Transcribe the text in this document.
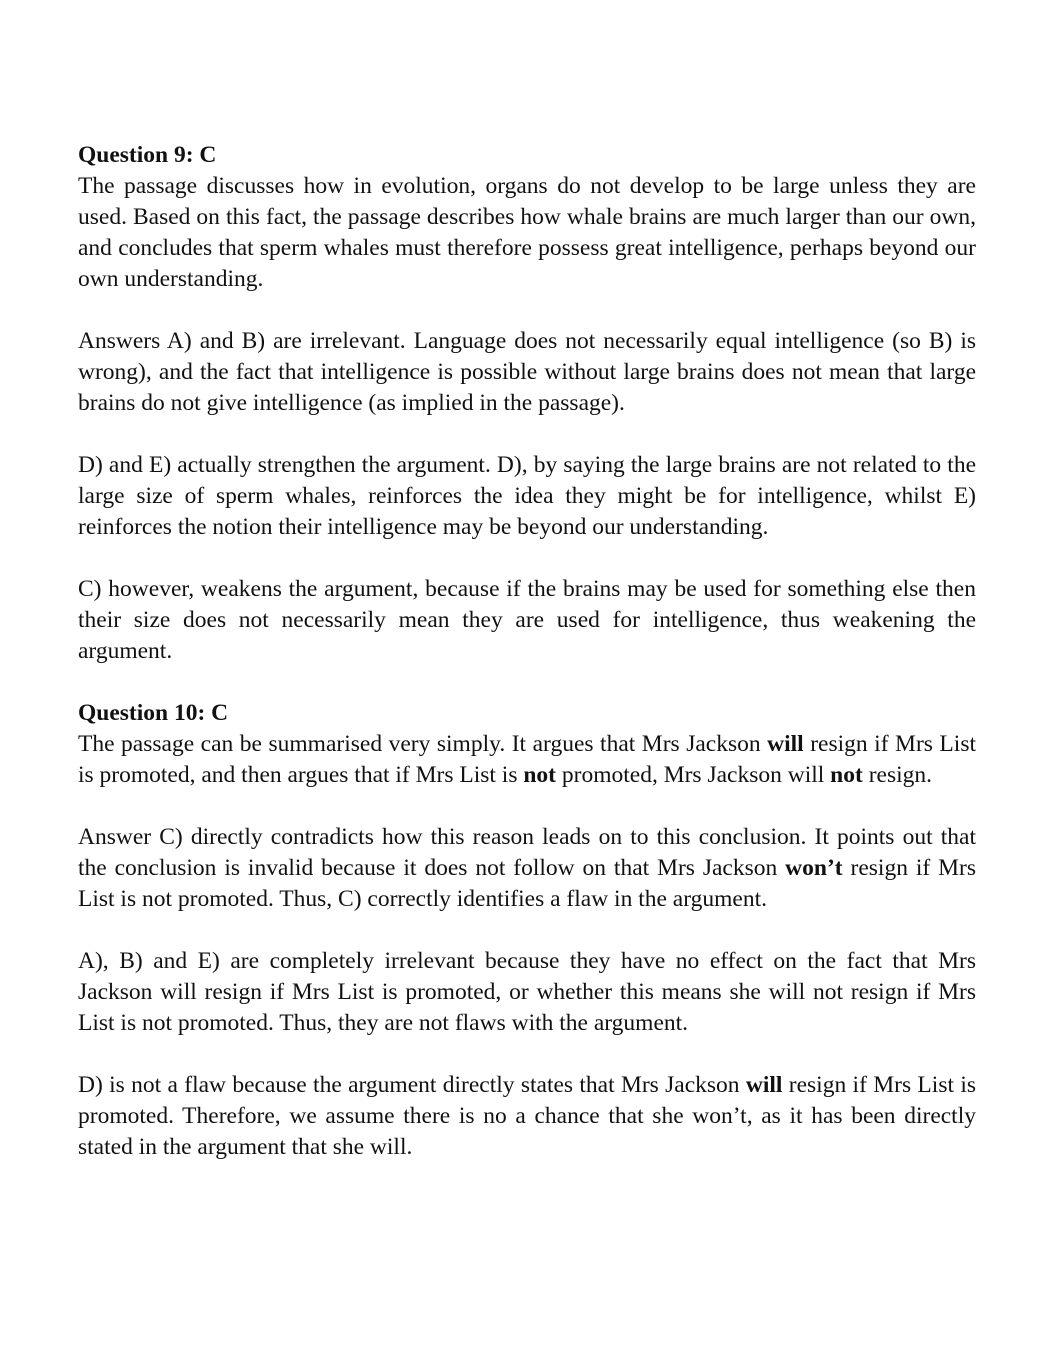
Question 9: C

The passage discusses how in evolution, organs do not develop to be large unless they are used. Based on this fact, the passage describes how whale brains are much larger than our own, and concludes that sperm whales must therefore possess great intelligence, perhaps beyond our own understanding.

Answers A) and B) are irrelevant. Language does not necessarily equal intelligence (so B) is wrong), and the fact that intelligence is possible without large brains does not mean that large brains do not give intelligence (as implied in the passage).

D) and E) actually strengthen the argument. D), by saying the large brains are not related to the large size of sperm whales, reinforces the idea they might be for intelligence, whilst E) reinforces the notion their intelligence may be beyond our understanding.

C) however, weakens the argument, because if the brains may be used for something else then their size does not necessarily mean they are used for intelligence, thus weakening the argument.

Question 10: C

The passage can be summarised very simply. It argues that Mrs Jackson will resign if Mrs List is promoted, and then argues that if Mrs List is not promoted, Mrs Jackson will not resign.

Answer C) directly contradicts how this reason leads on to this conclusion. It points out that the conclusion is invalid because it does not follow on that Mrs Jackson won’t resign if Mrs List is not promoted. Thus, C) correctly identifies a flaw in the argument.

A), B) and E) are completely irrelevant because they have no effect on the fact that Mrs Jackson will resign if Mrs List is promoted, or whether this means she will not resign if Mrs List is not promoted. Thus, they are not flaws with the argument.

D) is not a flaw because the argument directly states that Mrs Jackson will resign if Mrs List is promoted. Therefore, we assume there is no a chance that she won’t, as it has been directly stated in the argument that she will.
